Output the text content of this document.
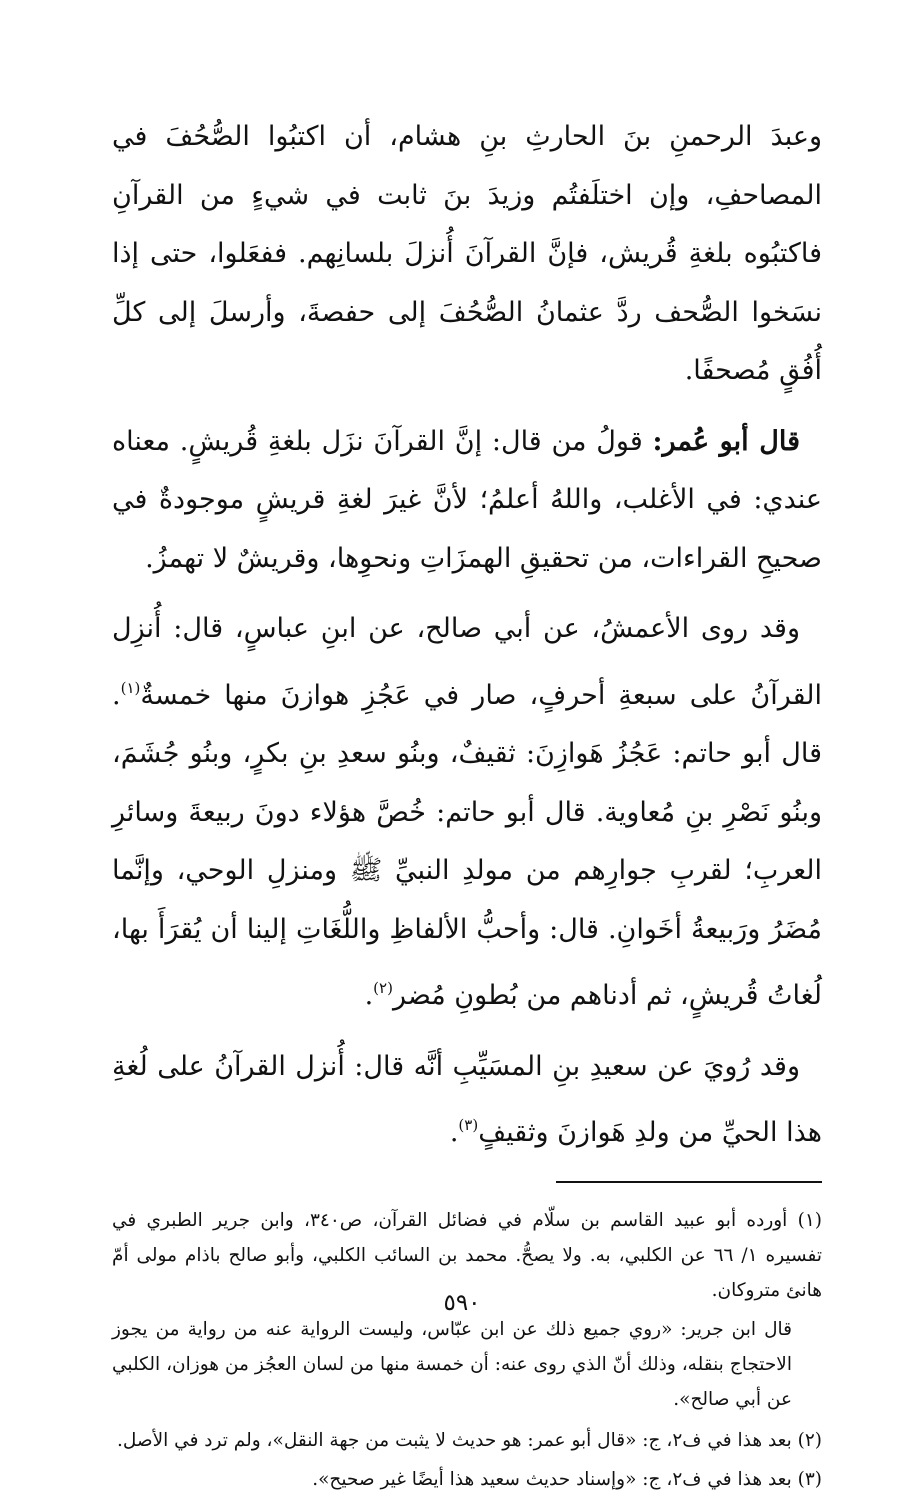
وعبدَ الرحمنِ بنَ الحارثِ بنِ هشام، أن اكتبُوا الصُّحُفَ في المصاحفِ، وإن اختلَفتُم وزيدَ بنَ ثابت في شيءٍ من القرآنِ فاكتبُوه بلغةِ قُريش، فإنَّ القرآنَ أُنزلَ بلسانِهم. ففعَلوا، حتى إذا نسَخوا الصُّحف ردَّ عثمانُ الصُّحُفَ إلى حفصةَ، وأرسلَ إلى كلِّ أُفُقٍ مُصحفًا.

قال أبو عُمر: قولُ من قال: إنَّ القرآنَ نزَل بلغةِ قُريشٍ. معناه عندي: في الأغلب، واللهُ أعلمُ؛ لأنَّ غيرَ لغةِ قريشٍ موجودةٌ في صحيحِ القراءات، من تحقيقِ الهمزَاتِ ونحوِها، وقريشٌ لا تهمزُ.

وقد روى الأعمشُ، عن أبي صالح، عن ابنِ عباسٍ، قال: أُنزِل القرآنُ على سبعةِ أحرفٍ، صار في عَجُزِ هوازنَ منها خمسةٌ$^{(١)}$. قال أبو حاتم: عَجُزُ هَوازِنَ: ثقيفٌ، وبنُو سعدِ بنِ بكرٍ، وبنُو جُشَمَ، وبنُو نَصْرِ بنِ مُعاوية. قال أبو حاتم: خُصَّ هؤلاء دونَ ربيعةَ وسائرِ العربِ؛ لقربِ جوارِهم من مولدِ النبيِّ ﷺ ومنزلِ الوحي، وإنَّما مُضَرُ ورَبيعةُ أخَوانِ. قال: وأحبُّ الألفاظِ واللُّغَاتِ إلينا أن يُقرَأَ بها، لُغاتُ قُريشٍ، ثم أدناهم من بُطونِ مُضر$^{(٢)}$.

وقد رُويَ عن سعيدِ بنِ المسَيِّبِ أنَّه قال: أُنزل القرآنُ على لُغةِ هذا الحيِّ من ولدِ هَوازنَ وثقيفٍ$^{(٣)}$.

(١) أورده أبو عبيد القاسم بن سلّام في فضائل القرآن، ص٣٤٠، وابن جرير الطبري في تفسيره ١/ ٦٦ عن الكلبي، به. ولا يصحُّ. محمد بن السائب الكلبي، وأبو صالح باذام مولى أمّ هانئ متروكان.

قال ابن جرير: «روي جميع ذلك عن ابن عبّاس، وليست الرواية عنه من رواية من يجوز الاحتجاج بنقله، وذلك أنّ الذي روى عنه: أن خمسة منها من لسان العجُز من هوزان، الكلبي عن أبي صالح».

(٢) بعد هذا في ف٢، ج: «قال أبو عمر: هو حديث لا يثبت من جهة النقل»، ولم ترد في الأصل.

(٣) بعد هذا في ف٢، ج: «وإسناد حديث سعيد هذا أيضًا غير صحيح».

٥٩٠
